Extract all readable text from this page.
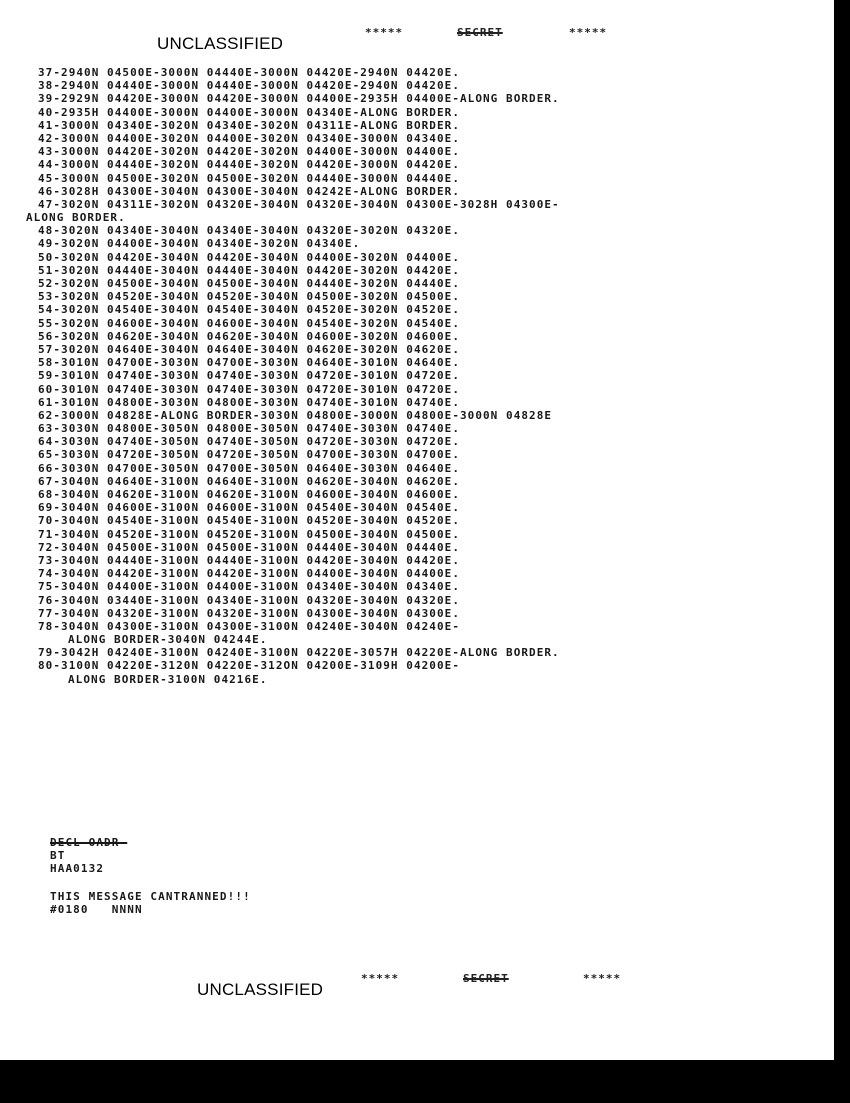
UNCLASSIFIED
*****	SECRET	*****
37-2940N 04500E-3000N 04440E-3000N 04420E-2940N 04420E.
38-2940N 04440E-3000N 04440E-3000N 04420E-2940N 04420E.
39-2929N 04420E-3000N 04420E-3000N 04400E-2935H 04400E-ALONG BORDER.
40-2935H 04400E-3000N 04400E-3000N 04340E-ALONG BORDER.
41-3000N 04340E-3020N 04340E-3020N 04311E-ALONG BORDER.
42-3000N 04400E-3020N 04400E-3020N 04340E-3000N 04340E.
43-3000N 04420E-3020N 04420E-3020N 04400E-3000N 04400E.
44-3000N 04440E-3020N 04440E-3020N 04420E-3000N 04420E.
45-3000N 04500E-3020N 04500E-3020N 04440E-3000N 04440E.
46-3028H 04300E-3040N 04300E-3040N 04242E-ALONG BORDER.
47-3020N 04311E-3020N 04320E-3040N 04320E-3040N 04300E-3028H 04300E-
ALONG BORDER.
48-3020N 04340E-3040N 04340E-3040N 04320E-3020N 04320E.
49-3020N 04400E-3040N 04340E-3020N 04340E.
50-3020N 04420E-3040N 04420E-3040N 04400E-3020N 04400E.
51-3020N 04440E-3040N 04440E-3040N 04420E-3020N 04420E.
52-3020N 04500E-3040N 04500E-3040N 04440E-3020N 04440E.
53-3020N 04520E-3040N 04520E-3040N 04500E-3020N 04500E.
54-3020N 04540E-3040N 04540E-3040N 04520E-3020N 04520E.
55-3020N 04600E-3040N 04600E-3040N 04540E-3020N 04540E.
56-3020N 04620E-3040N 04620E-3040N 04600E-3020N 04600E.
57-3020N 04640E-3040N 04640E-3040N 04620E-3020N 04620E.
58-3010N 04700E-3030N 04700E-3030N 04640E-3010N 04640E.
59-3010N 04740E-3030N 04740E-3030N 04720E-3010N 04720E.
60-3010N 04740E-3030N 04740E-3030N 04720E-3010N 04720E.
61-3010N 04800E-3030N 04800E-3030N 04740E-3010N 04740E.
62-3000N 04828E-ALONG BORDER-3030N 04800E-3000N 04800E-3000N 04828E
63-3030N 04800E-3050N 04800E-3050N 04740E-3030N 04740E.
64-3030N 04740E-3050N 04740E-3050N 04720E-3030N 04720E.
65-3030N 04720E-3050N 04720E-3050N 04700E-3030N 04700E.
66-3030N 04700E-3050N 04700E-3050N 04640E-3030N 04640E.
67-3040N 04640E-3100N 04640E-3100N 04620E-3040N 04620E.
68-3040N 04620E-3100N 04620E-3100N 04600E-3040N 04600E.
69-3040N 04600E-3100N 04600E-3100N 04540E-3040N 04540E.
70-3040N 04540E-3100N 04540E-3100N 04520E-3040N 04520E.
71-3040N 04520E-3100N 04520E-3100N 04500E-3040N 04500E.
72-3040N 04500E-3100N 04500E-3100N 04440E-3040N 04440E.
73-3040N 04440E-3100N 04440E-3100N 04420E-3040N 04420E.
74-3040N 04420E-3100N 04420E-3100N 04400E-3040N 04400E.
75-3040N 04400E-3100N 04400E-3100N 04340E-3040N 04340E.
76-3040N 03440E-3100N 04340E-3100N 04320E-3040N 04320E.
77-3040N 04320E-3100N 04320E-3100N 04300E-3040N 04300E.
78-3040N 04300E-3100N 04300E-3100N 04240E-3040N 04240E-
ALONG BORDER-3040N 04244E.
79-3042H 04240E-3100N 04240E-3100N 04220E-3057H 04220E-ALONG BORDER.
80-3100N 04220E-3120N 04220E-312ON 04200E-3109H 04200E-
ALONG BORDER-3100N 04216E.
DECL-OADR-
BT
HAA0132
THIS MESSAGE CANTRANNED!!!
#0180   NNNN
UNCLASSIFIED
*****	SECRET	*****
